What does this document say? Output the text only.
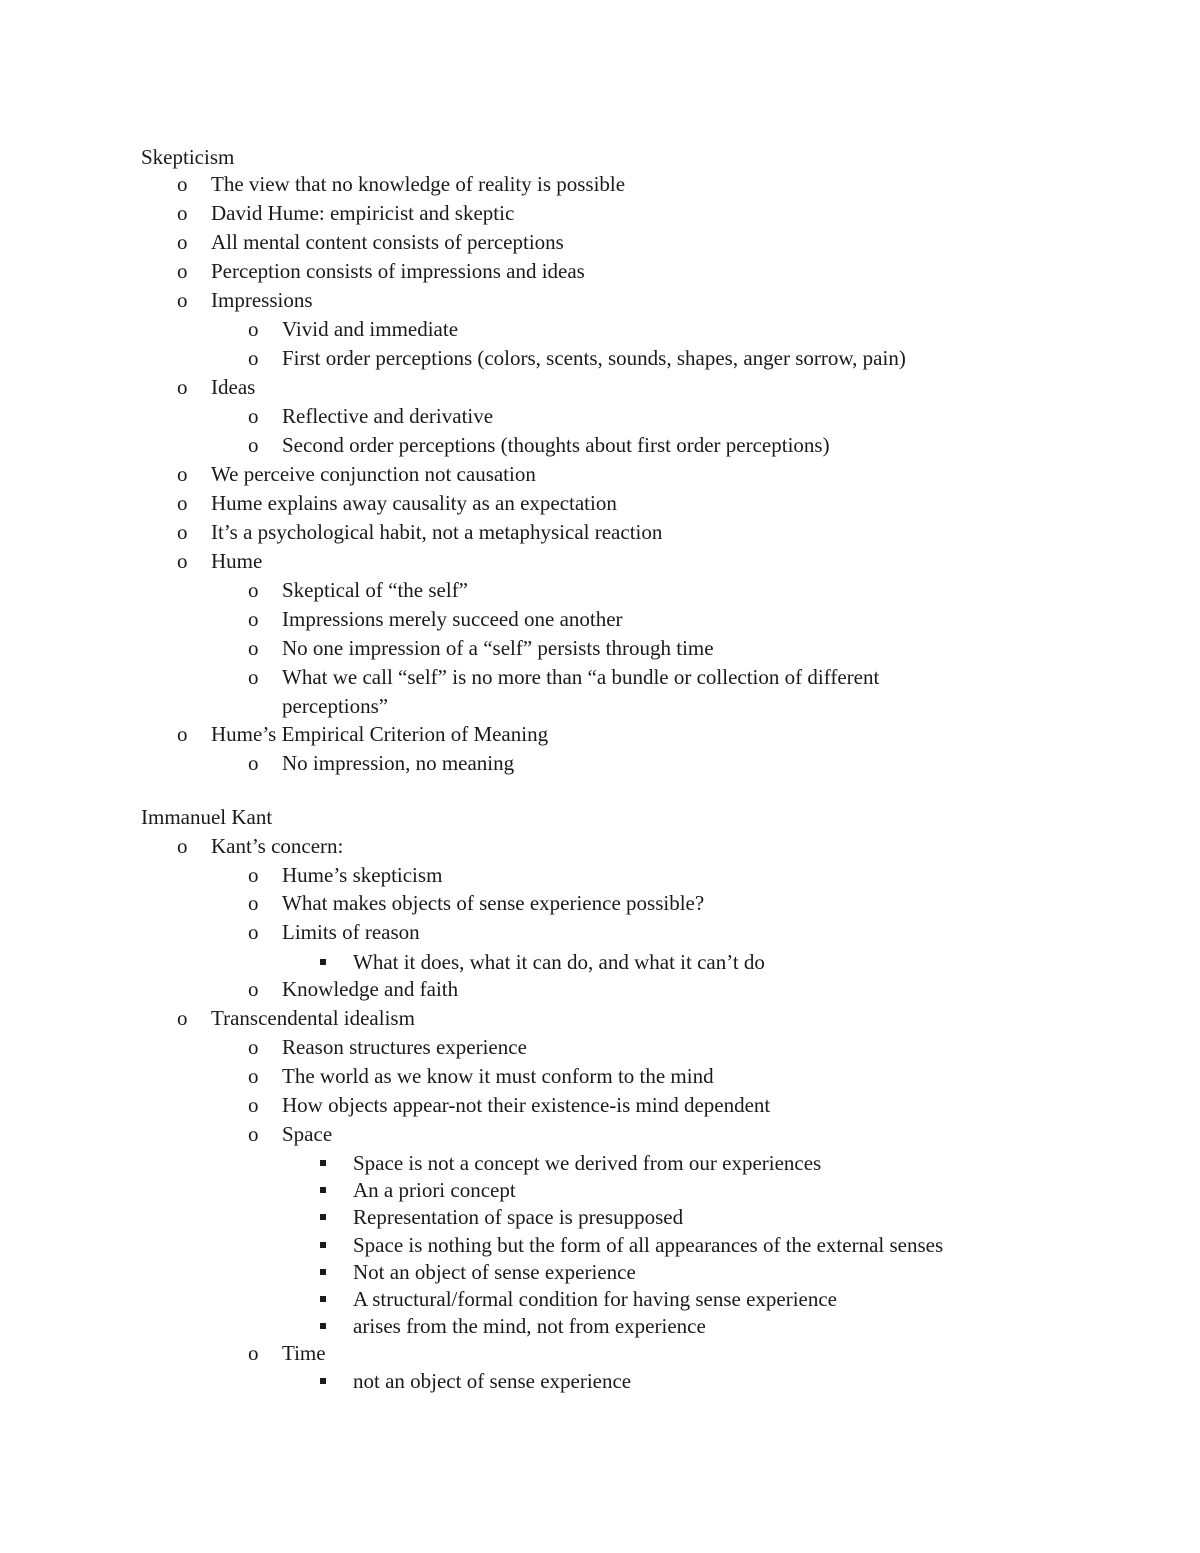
Skepticism
o The view that no knowledge of reality is possible
o David Hume: empiricist and skeptic
o All mental content consists of perceptions
o Perception consists of impressions and ideas
o Impressions
o Vivid and immediate
o First order perceptions (colors, scents, sounds, shapes, anger sorrow, pain)
o Ideas
o Reflective and derivative
o Second order perceptions (thoughts about first order perceptions)
o We perceive conjunction not causation
o Hume explains away causality as an expectation
o It’s a psychological habit, not a metaphysical reaction
o Hume
o Skeptical of “the self”
o Impressions merely succeed one another
o No one impression of a “self” persists through time
o What we call “self” is no more than “a bundle or collection of different
perceptions”
o Hume’s Empirical Criterion of Meaning
o No impression, no meaning
Immanuel Kant
o Kant’s concern:
o Hume’s skepticism
o What makes objects of sense experience possible?
o Limits of reason
What it does, what it can do, and what it can’t do
o Knowledge and faith
o Transcendental idealism
o Reason structures experience
o The world as we know it must conform to the mind
o How objects appear-not their existence-is mind dependent
o Space
Space is not a concept we derived from our experiences
An a priori concept
Representation of space is presupposed
Space is nothing but the form of all appearances of the external senses
Not an object of sense experience
A structural/formal condition for having sense experience
arises from the mind, not from experience
o Time
not an object of sense experience
